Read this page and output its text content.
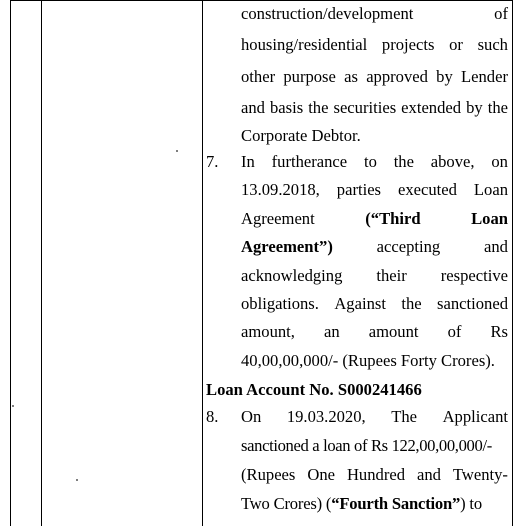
construction/development	of
housing/residential projects or such
other purpose as approved by Lender
and basis the securities extended by the
Corporate Debtor.
7.	In furtherance to the above, on
13.09.2018, parties executed Loan
Agreement	(“Third	Loan
Agreement”)	accepting	and
acknowledging their respective
obligations. Against the sanctioned
amount, an amount of Rs
40,00,00,000/- (Rupees Forty Crores).
Loan Account No. S000241466
8.	On 19.03.2020, The Applicant
sanctioned a loan of Rs 122,00,00,000/-
(Rupees One Hundred and Twenty-
Two Crores) (“Fourth Sanction”) to
